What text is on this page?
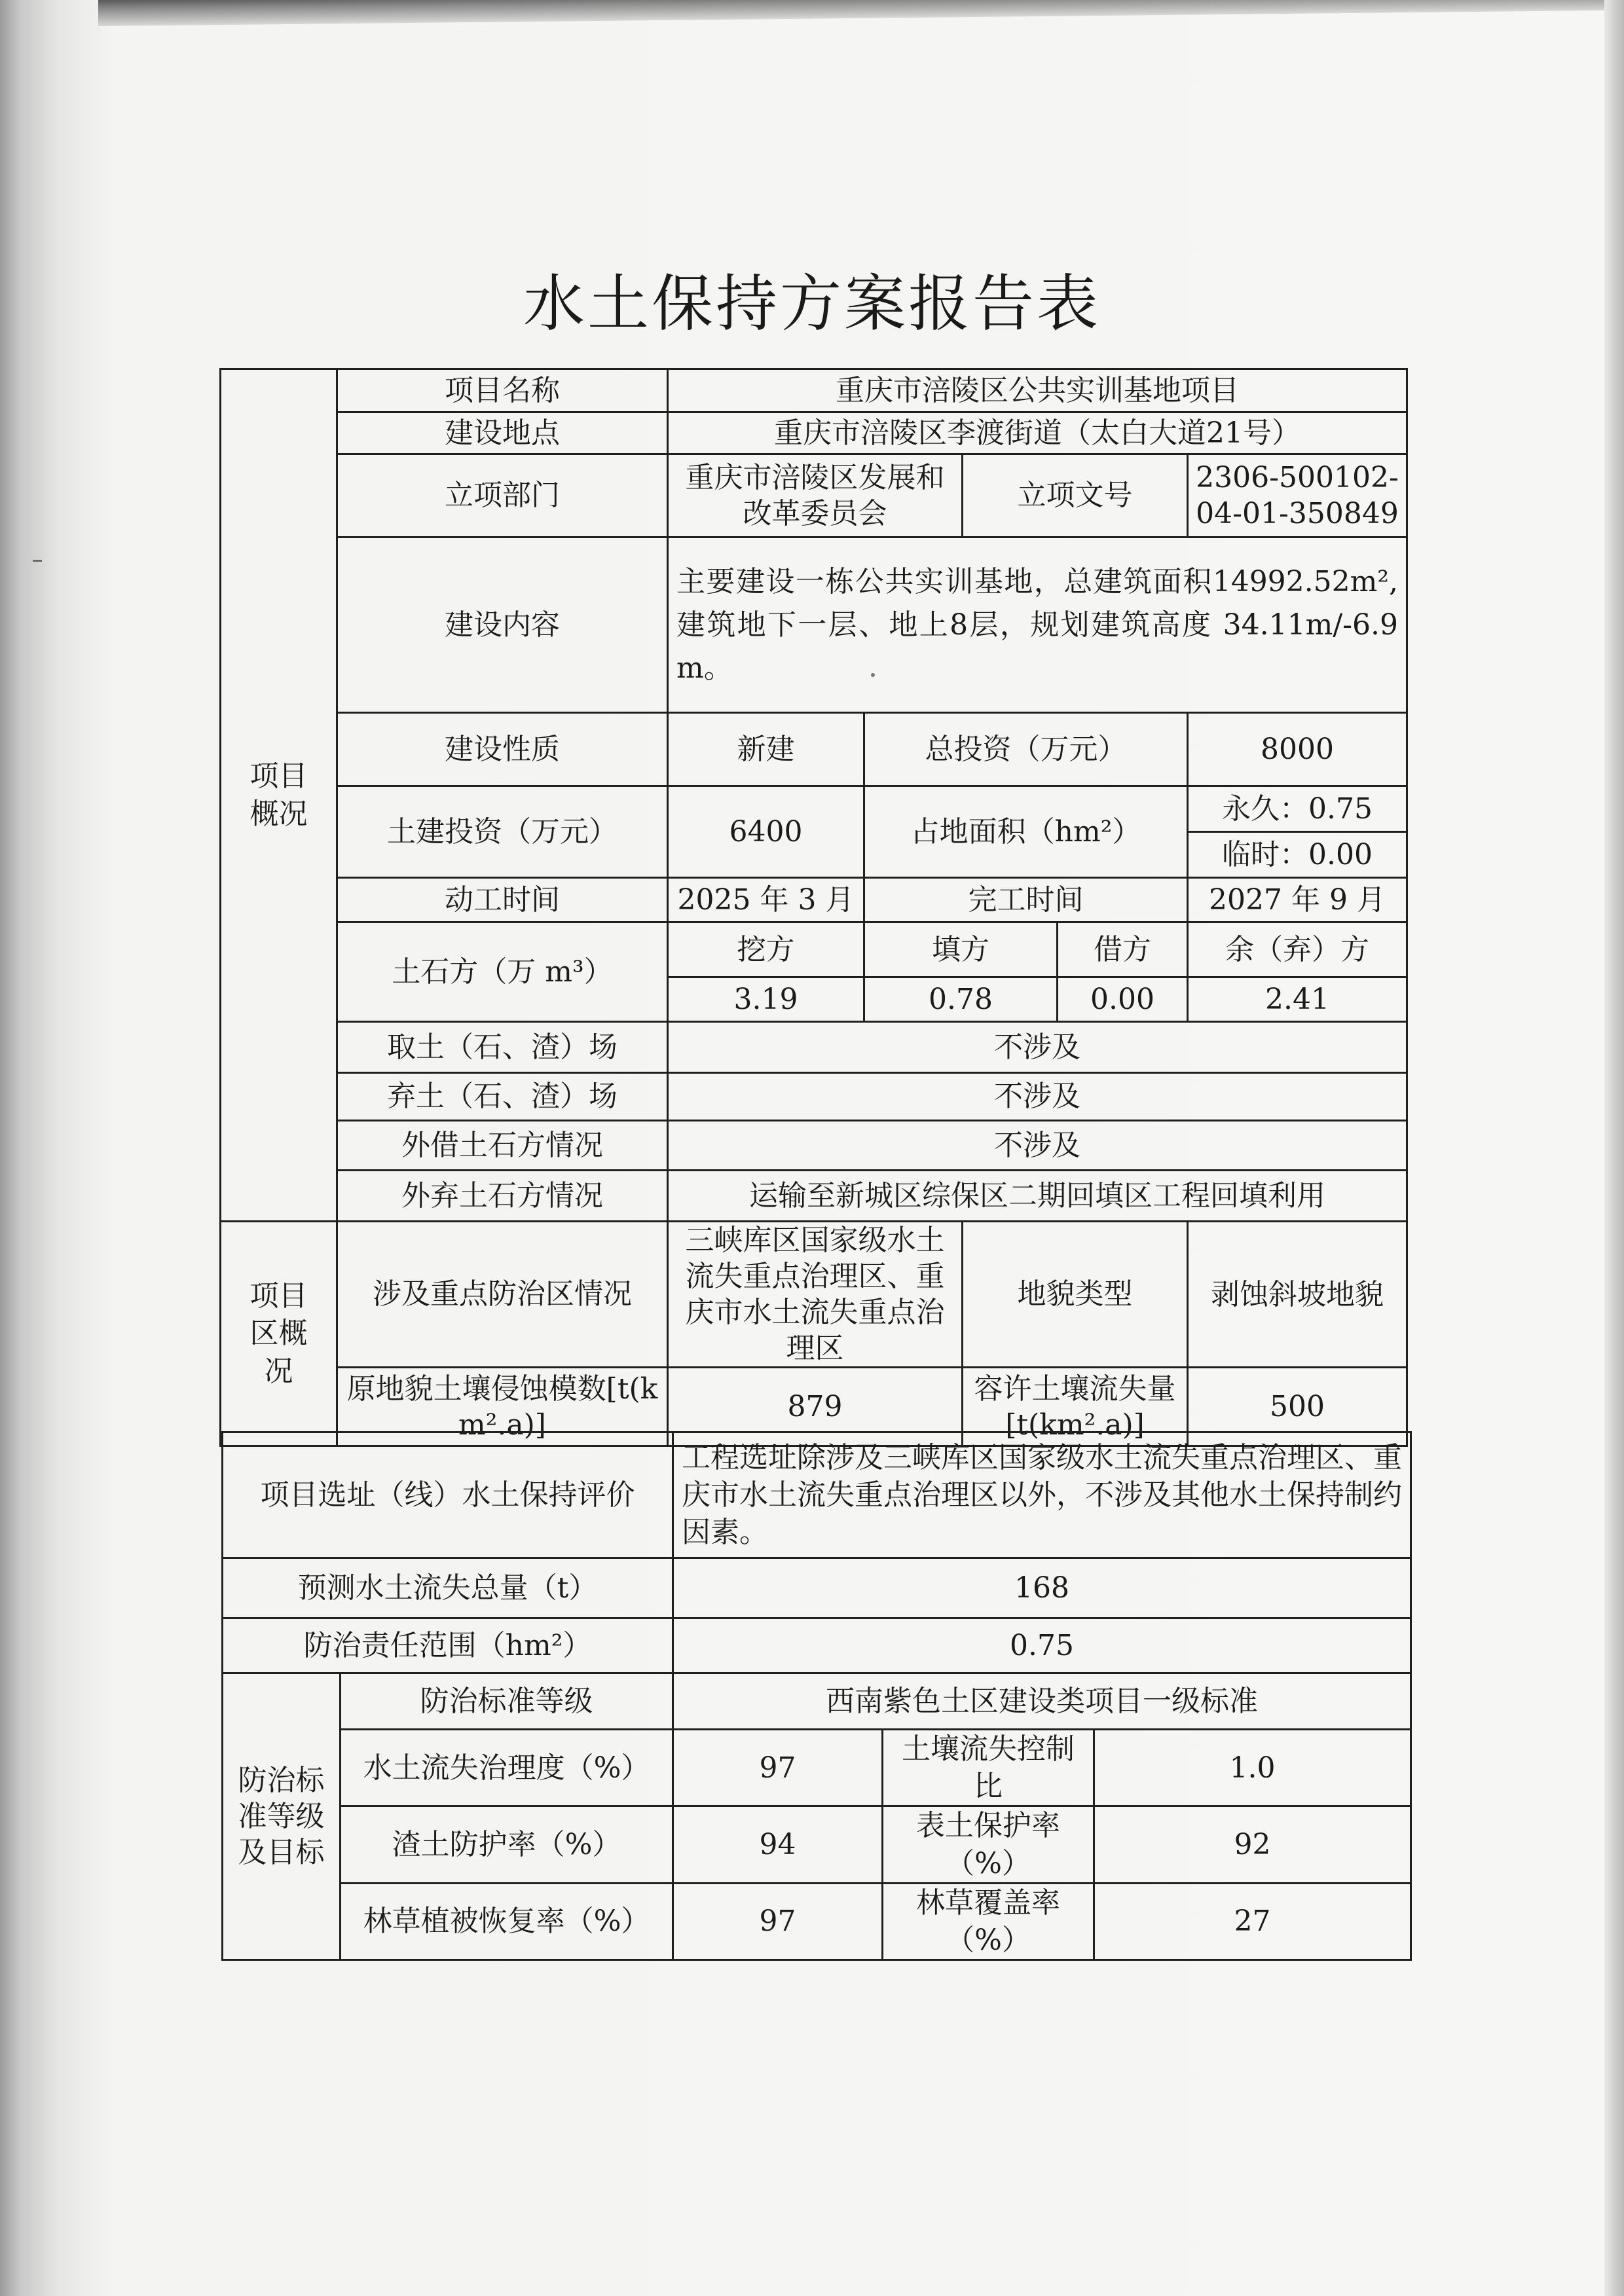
水土保持方案报告表
项目概况	项目名称	重庆市涪陵区公共实训基地项目				
	建设地点	重庆市涪陵区李渡街道（太白大道21号）				
	立项部门	重庆市涪陵区发展和改革委员会		立项文号		2306-500102-04-01-350849
	建设内容	主要建设一栋公共实训基地，总建筑面积14992.52m², 建筑地下一层、地上8层，规划建筑高度 34.11m/-6.9m。				
	建设性质	新建	总投资（万元）			8000
	土建投资（万元）	6400	占地面积（hm²）			永久：0.75
						临时：0.00
	动工时间	2025 年 3 月	完工时间			2027 年 9 月
	土石方（万 m³）	挖方	填方		借方	余（弃）方
		3.19	0.78		0.00	2.41
	取土（石、渣）场	不涉及				
	弃土（石、渣）场	不涉及				
	外借土石方情况	不涉及				
	外弃土石方情况	运输至新城区综保区二期回填区工程回填利用				
项目区概况	涉及重点防治区情况	三峡库区国家级水土流失重点治理区、重庆市水土流失重点治理区		地貌类型		剥蚀斜坡地貌
	原地貌土壤侵蚀模数[t(km².a)]	879		容许土壤流失量[t(km².a)]		500
项目选址（线）水土保持评价		工程选址除涉及三峡库区国家级水土流失重点治理区、重庆市水土流失重点治理区以外，不涉及其他水土保持制约因素。		
预测水土流失总量（t）		168		
防治责任范围（hm²）		0.75		
防治标准等级及目标	防治标准等级	西南紫色土区建设类项目一级标准		
	水土流失治理度（%）	97	土壤流失控制比	1.0
	渣土防护率（%）	94	表土保护率（%）	92
	林草植被恢复率（%）	97	林草覆盖率（%）	27
